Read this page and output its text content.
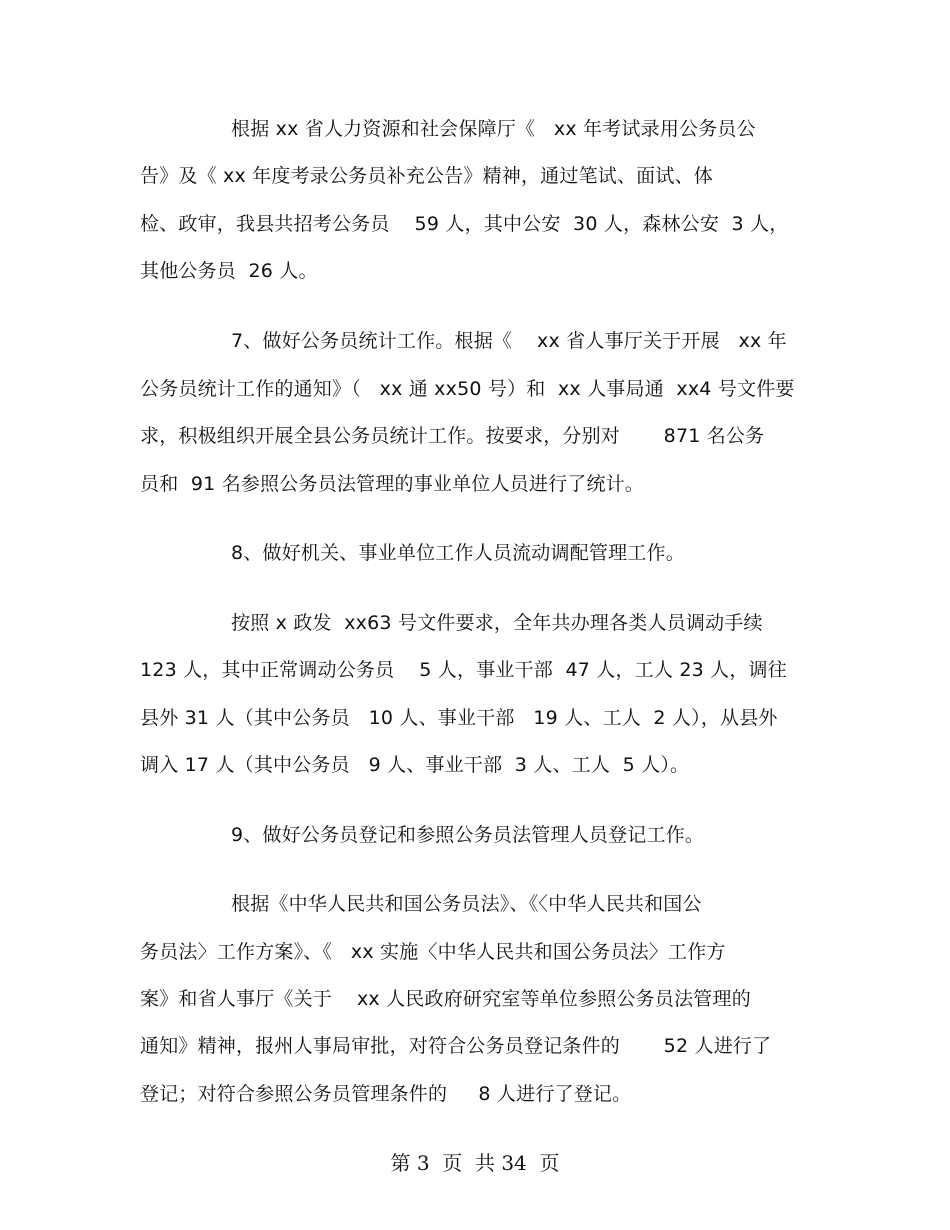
根据 xx 省人力资源和社会保障厅《   xx 年考试录用公务员公
告》及《 xx 年度考录公务员补充公告》精神，通过笔试、面试、体
检、政审，我县共招考公务员    59 人，其中公安  30 人，森林公安  3 人，
其他公务员  26 人。
7、做好公务员统计工作。根据《    xx 省人事厅关于开展   xx 年
公务员统计工作的通知》（   xx 通 xx50 号）和  xx 人事局通  xx4 号文件要
求，积极组织开展全县公务员统计工作。按要求，分别对       871 名公务
员和  91 名参照公务员法管理的事业单位人员进行了统计。
8、做好机关、事业单位工作人员流动调配管理工作。
按照 x 政发  xx63 号文件要求，全年共办理各类人员调动手续
123 人，其中正常调动公务员    5 人，事业干部  47 人，工人 23 人，调往
县外 31 人（其中公务员   10 人、事业干部   19 人、工人  2 人），从县外
调入 17 人（其中公务员   9 人、事业干部  3 人、工人  5 人）。
9、做好公务员登记和参照公务员法管理人员登记工作。
根据《中华人民共和国公务员法》、《〈中华人民共和国公
务员法〉工作方案》、《   xx 实施〈中华人民共和国公务员法〉工作方
案》和省人事厅《关于    xx 人民政府研究室等单位参照公务员法管理的
通知》精神，报州人事局审批，对符合公务员登记条件的       52 人进行了
登记；对符合参照公务员管理条件的     8 人进行了登记。
第 3  页  共 34  页
